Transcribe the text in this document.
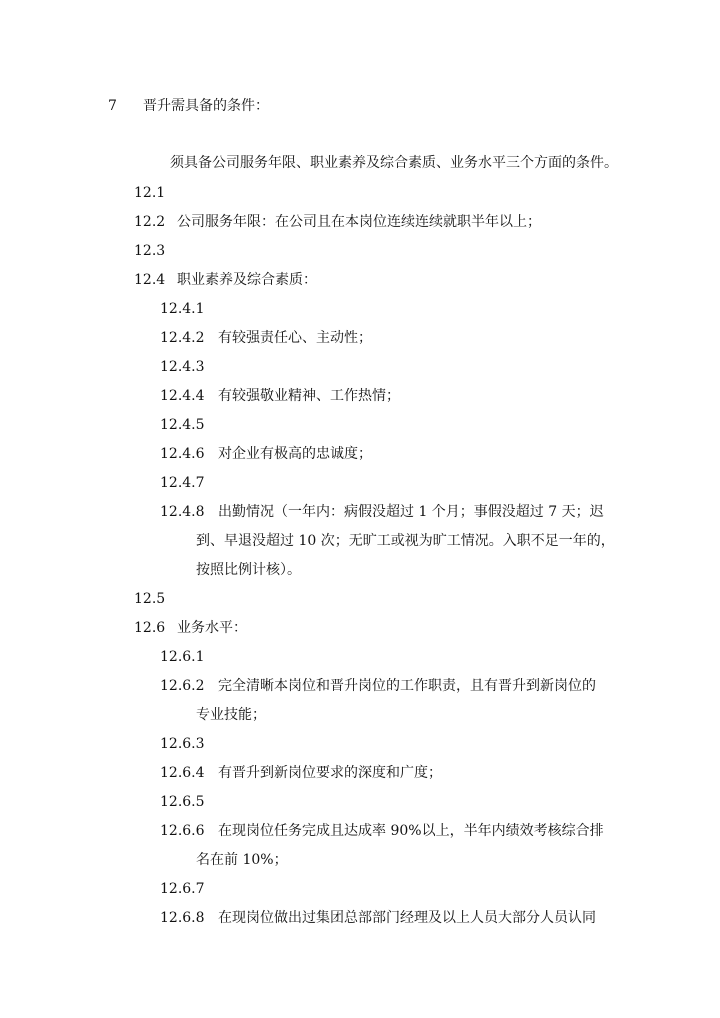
7 晋升需具备的条件：
须具备公司服务年限、职业素养及综合素质、业务水平三个方面的条件。
12.1
12.2 公司服务年限：在公司且在本岗位连续连续就职半年以上；
12.3
12.4 职业素养及综合素质：
12.4.1
12.4.2 有较强责任心、主动性；
12.4.3
12.4.4 有较强敬业精神、工作热情；
12.4.5
12.4.6 对企业有极高的忠诚度；
12.4.7
12.4.8 出勤情况（一年内：病假没超过 1 个月；事假没超过 7 天；迟
到、早退没超过 10 次；无旷工或视为旷工情况。入职不足一年的，
按照比例计核）。
12.5
12.6 业务水平：
12.6.1
12.6.2 完全清晰本岗位和晋升岗位的工作职责，且有晋升到新岗位的
专业技能；
12.6.3
12.6.4 有晋升到新岗位要求的深度和广度；
12.6.5
12.6.6 在现岗位任务完成且达成率 90%以上，半年内绩效考核综合排
名在前 10%；
12.6.7
12.6.8 在现岗位做出过集团总部部门经理及以上人员大部分人员认同
